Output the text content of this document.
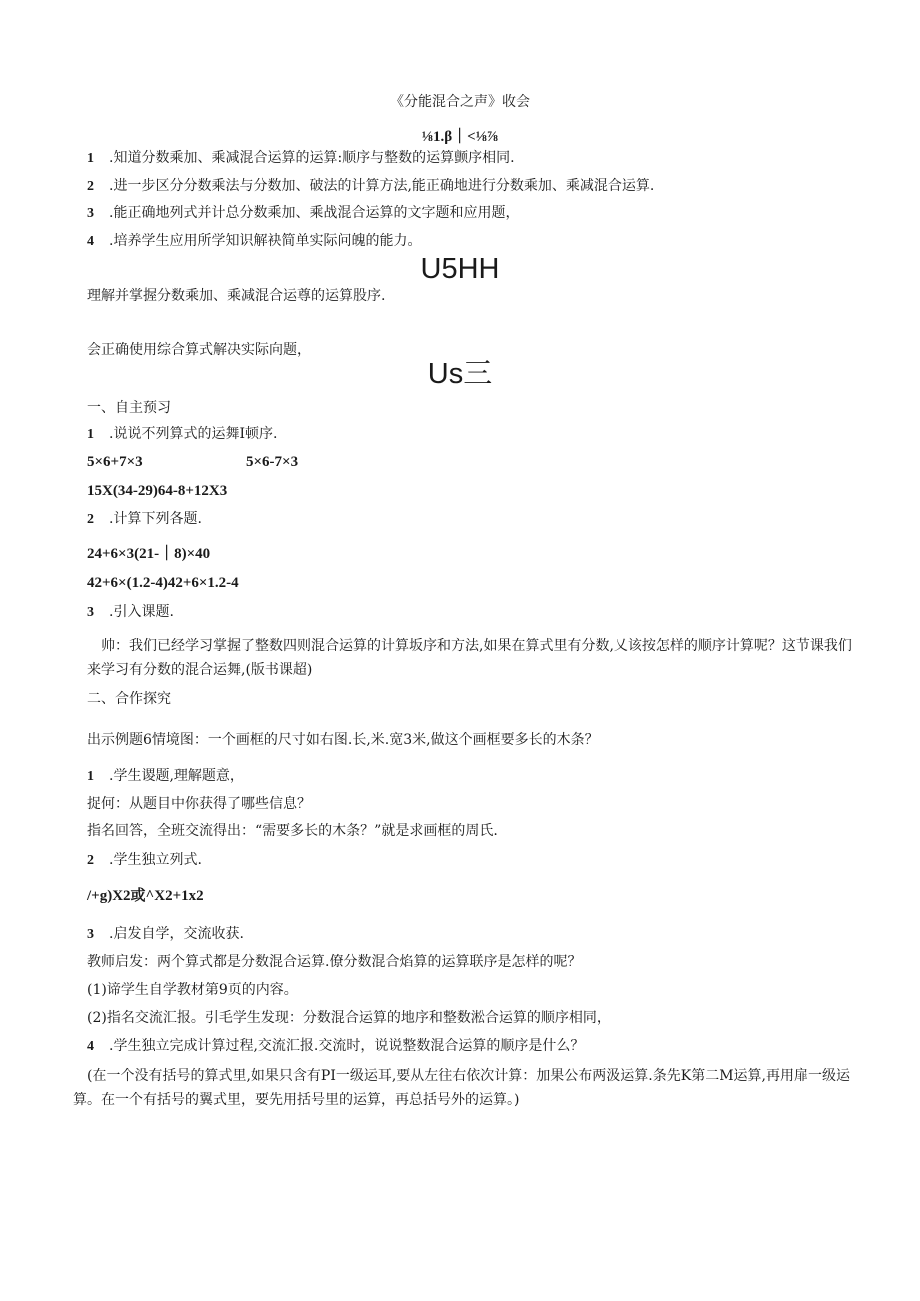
《分能混合之声》收会
⅛1.β｜<⅛⅞
1 .知道分数乘加、乘减混合运算的运算:顺序与整数的运算颤序相同.
2 .进一步区分分数乘法与分数加、破法的计算方法,能正确地进行分数乘加、乘减混合运算.
3 .能正确地列式并计总分数乘加、乘战混合运算的文字题和应用题，
4 .培养学生应用所学知识解袂简单实际问魄的能力。
U5HH
理解并掌握分数乘加、乘减混合运尊的运算股序.
会正确使用综合算式解决实际向题，
Us三
一、自主预习
1 .说说不列算式的运舞I顿序.
5×6+7×3	5×6-7×3
15X(34-29)64-8+12X3
2 .计算下列各题.
24+6×3(21-｜8)×40
42+6×(1.2-4)42+6×1.2-4
3 .引入课题.
帅：我们已经学习掌握了整数四则混合运算的计算坂序和方法,如果在算式里有分数,乂该按怎样的顺序计算呢？这节课我们来学习有分数的混合运舞,(版书课超)
二、合作探究
出示例题6情境图：一个画框的尺寸如右图.长,米.宽3米,做这个画框要多长的木条？
1 .学生谡题,理解题意，
捉何：从题目中你获得了哪些信息？
指名回答，全班交流得出：“需要多长的木条？”就是求画框的周氏.
2 .学生独立列式.
/+g)X2或^X2+1x2
3 .启发自学，交流收获.
教师启发：两个算式都是分数混合运算.僚分数混合焰算的运算联序是怎样的呢？
(1)谛学生自学教材第9页的内容。
(2)指名交流汇报。引毛学生发现：分数混合运算的地序和整数淞合运算的顺序相同，
4 .学生独立完成计算过程,交流汇报.交流时，说说整数混合运算的顺序是什么？
(在一个没有括号的算式里,如果只含有PI一级运耳,要从左往右依次计算：加果公布两汲运算.条先K第二M运算,再用扉一级运算。在一个有括号的翼式里，要先用括号里的运算，再总括号外的运算。)
